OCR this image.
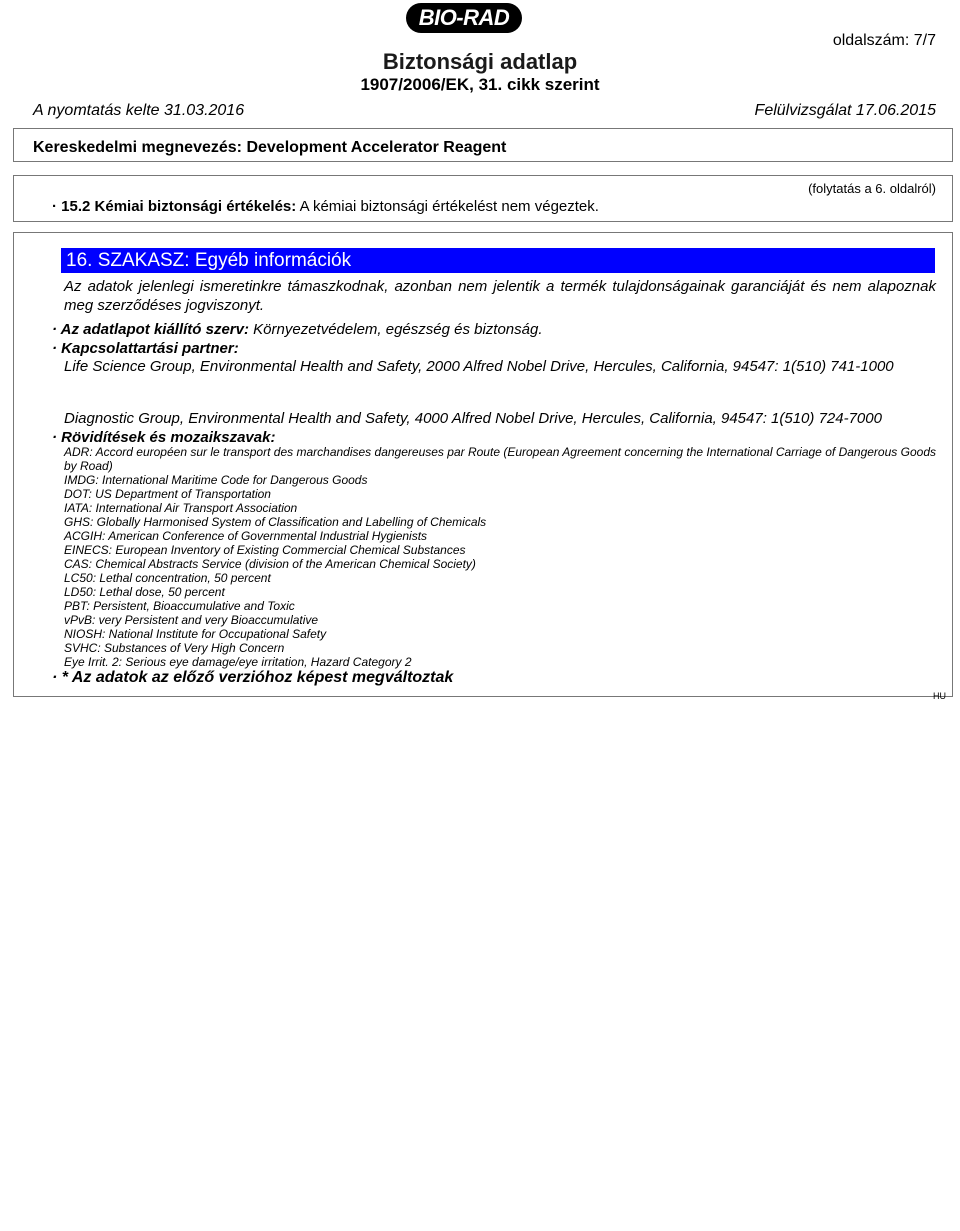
BIO-RAD
oldalszám: 7/7
Biztonsági adatlap
1907/2006/EK, 31. cikk szerint
A nyomtatás kelte 31.03.2016	Felülvizsgálat 17.06.2015
Kereskedelmi megnevezés: Development Accelerator Reagent
(folytatás a 6. oldalról)
· 15.2 Kémiai biztonsági értékelés: A kémiai biztonsági értékelést nem végeztek.
16. SZAKASZ: Egyéb információk
Az adatok jelenlegi ismeretinkre támaszkodnak, azonban nem jelentik a termék tulajdonságainak garanciáját és nem alapoznak meg szerződéses jogviszonyt.
· Az adatlapot kiállító szerv: Környezetvédelem, egészség és biztonság.
· Kapcsolattartási partner:
Life Science Group, Environmental Health and Safety, 2000 Alfred Nobel Drive, Hercules, California, 94547: 1(510) 741-1000
Diagnostic Group, Environmental Health and Safety, 4000 Alfred Nobel Drive, Hercules, California, 94547: 1(510) 724-7000
· Rövidítések és mozaikszavak:
ADR: Accord européen sur le transport des marchandises dangereuses par Route (European Agreement concerning the International Carriage of Dangerous Goods by Road)
IMDG: International Maritime Code for Dangerous Goods
DOT: US Department of Transportation
IATA: International Air Transport Association
GHS: Globally Harmonised System of Classification and Labelling of Chemicals
ACGIH: American Conference of Governmental Industrial Hygienists
EINECS: European Inventory of Existing Commercial Chemical Substances
CAS: Chemical Abstracts Service (division of the American Chemical Society)
LC50: Lethal concentration, 50 percent
LD50: Lethal dose, 50 percent
PBT: Persistent, Bioaccumulative and Toxic
vPvB: very Persistent and very Bioaccumulative
NIOSH: National Institute for Occupational Safety
SVHC: Substances of Very High Concern
Eye Irrit. 2: Serious eye damage/eye irritation, Hazard Category 2
· * Az adatok az előző verzióhoz képest megváltoztak
HU
